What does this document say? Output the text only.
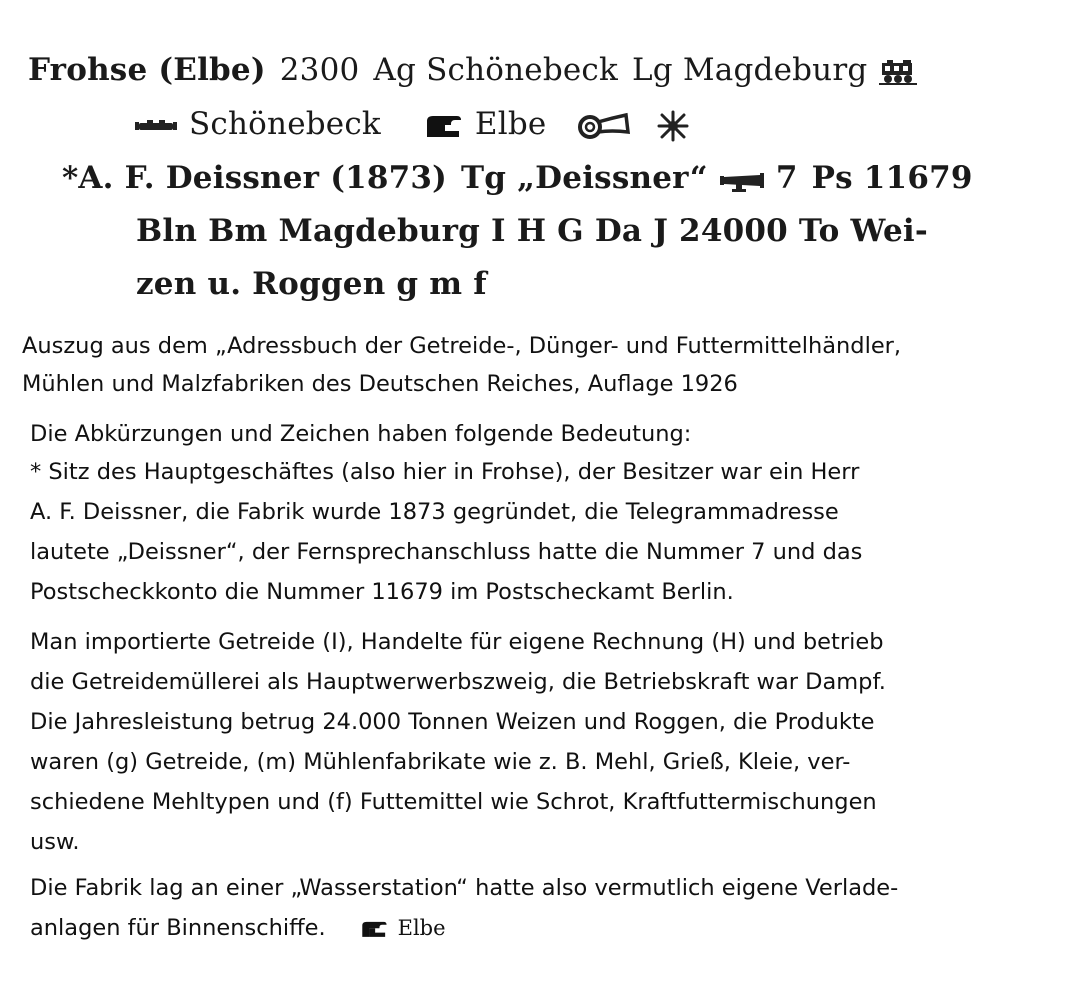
Frohse (Elbe) 2300 Ag Schönebeck Lg Magdeburg
Schönebeck	Elbe
*A. F. Deissner (1873) Tg „Deissner“ 7 Ps 11679
Bln Bm Magdeburg I H G Da J 24000 To Wei-
zen u. Roggen g m f
Auszug aus dem „Adressbuch der Getreide-, Dünger- und Futtermittelhändler,
Mühlen und Malzfabriken des Deutschen Reiches, Auflage 1926
Die Abkürzungen und Zeichen haben folgende Bedeutung:
* Sitz des Hauptgeschäftes (also hier in Frohse), der Besitzer war ein Herr
A. F. Deissner, die Fabrik wurde 1873 gegründet, die Telegrammadresse
lautete „Deissner“, der Fernsprechanschluss hatte die Nummer 7 und das
Postscheckkonto die Nummer 11679 im Postscheckamt Berlin.
Man importierte Getreide (I), Handelte für eigene Rechnung (H) und betrieb
die Getreidemüllerei als Hauptwerwerbszweig, die Betriebskraft war Dampf.
Die Jahresleistung betrug 24.000 Tonnen Weizen und Roggen, die Produkte
waren (g) Getreide, (m) Mühlenfabrikate wie z. B. Mehl, Grieß, Kleie, ver-
schiedene Mehltypen und (f) Futtemittel wie Schrot, Kraftfuttermischungen
usw.
Die Fabrik lag an einer „Wasserstation“ hatte also vermutlich eigene Verlade-
anlagen für Binnenschiffe.	Elbe
